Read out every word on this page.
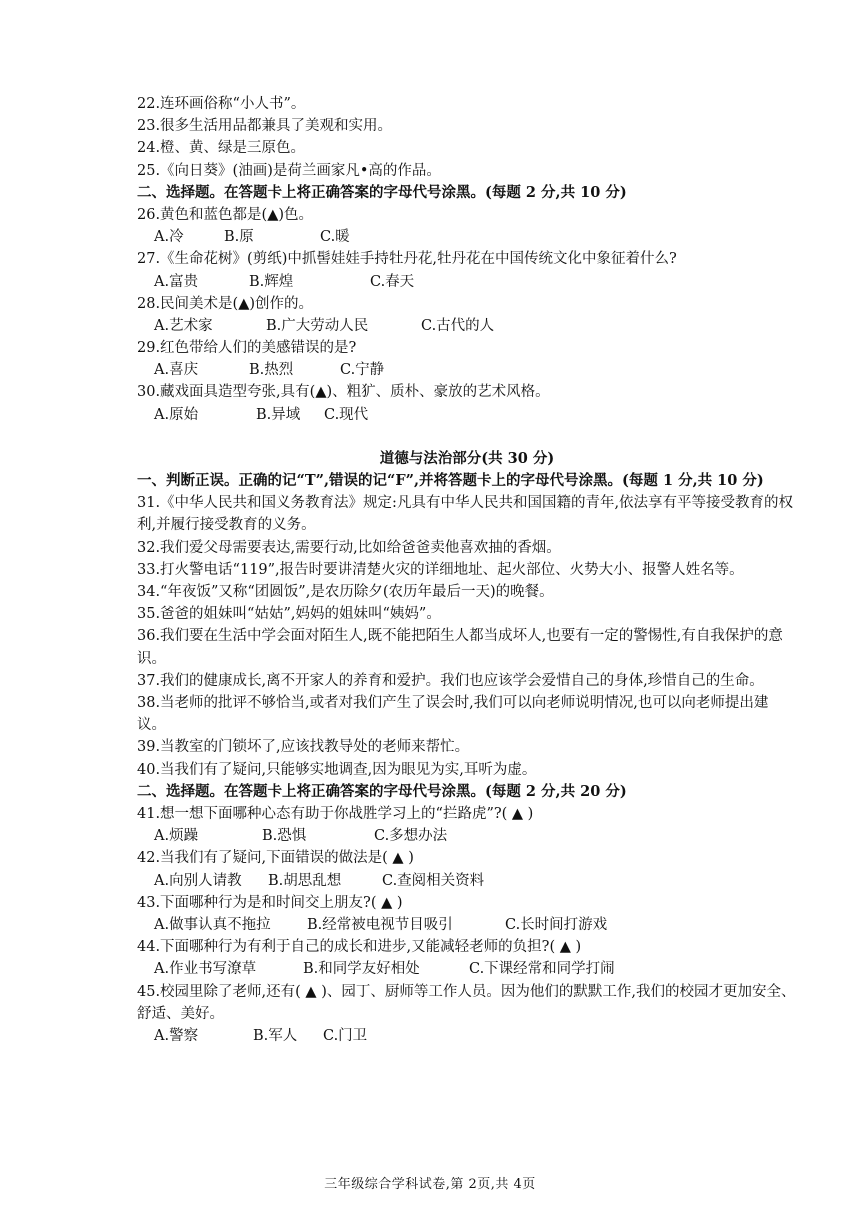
22.连环画俗称“小人书”。
23.很多生活用品都兼具了美观和实用。
24.橙、黄、绿是三原色。
25.《向日葵》(油画)是荷兰画家凡•高的作品。
二、选择题。在答题卡上将正确答案的字母代号涂黑。(每题 2 分,共 10 分)
26.黄色和蓝色都是(▲)色。
A.冷	B.原	C.暖
27.《生命花树》(剪纸)中抓髻娃娃手持牡丹花,牡丹花在中国传统文化中象征着什么?
A.富贵	B.辉煌	C.春天
28.民间美术是(▲)创作的。
A.艺术家	B.广大劳动人民	C.古代的人
29.红色带给人们的美感错误的是?
A.喜庆	B.热烈	C.宁静
30.藏戏面具造型夸张,具有(▲)、粗犷、质朴、豪放的艺术风格。
A.原始	B.异域 C.现代
道德与法治部分(共 30 分)
一、判断正误。正确的记“T”,错误的记“F”,并将答题卡上的字母代号涂黑。(每题 1 分,共 10 分)
31.《中华人民共和国义务教育法》规定:凡具有中华人民共和国国籍的青年,依法享有平等接受教育的权利,并履行接受教育的义务。
32.我们爱父母需要表达,需要行动,比如给爸爸卖他喜欢抽的香烟。
33.打火警电话“119”,报告时要讲清楚火灾的详细地址、起火部位、火势大小、报警人姓名等。
34.“年夜饭”又称“团圆饭”,是农历除夕(农历年最后一天)的晚餐。
35.爸爸的姐妹叫“姑姑”,妈妈的姐妹叫“姨妈”。
36.我们要在生活中学会面对陌生人,既不能把陌生人都当成坏人,也要有一定的警惕性,有自我保护的意识。
37.我们的健康成长,离不开家人的养育和爱护。我们也应该学会爱惜自己的身体,珍惜自己的生命。
38.当老师的批评不够恰当,或者对我们产生了误会时,我们可以向老师说明情况,也可以向老师提出建议。
39.当教室的门锁坏了,应该找教导处的老师来帮忙。
40.当我们有了疑问,只能够实地调查,因为眼见为实,耳听为虚。
二、选择题。在答题卡上将正确答案的字母代号涂黑。(每题 2 分,共 20 分)
41.想一想下面哪种心态有助于你战胜学习上的“拦路虎”?( ▲ )
A.烦躁	B.恐惧	C.多想办法
42.当我们有了疑问,下面错误的做法是( ▲ )
A.向别人请教 B.胡思乱想	C.查阅相关资料
43.下面哪种行为是和时间交上朋友?( ▲ )
A.做事认真不拖拉	B.经常被电视节目吸引	C.长时间打游戏
44.下面哪种行为有利于自己的成长和进步,又能减轻老师的负担?( ▲ )
A.作业书写潦草	B.和同学友好相处	C.下课经常和同学打闹
45.校园里除了老师,还有( ▲ )、园丁、厨师等工作人员。因为他们的默默工作,我们的校园才更加安全、舒适、美好。
A.警察	B.军人 C.门卫
三年级综合学科试卷,第 2页,共 4页
